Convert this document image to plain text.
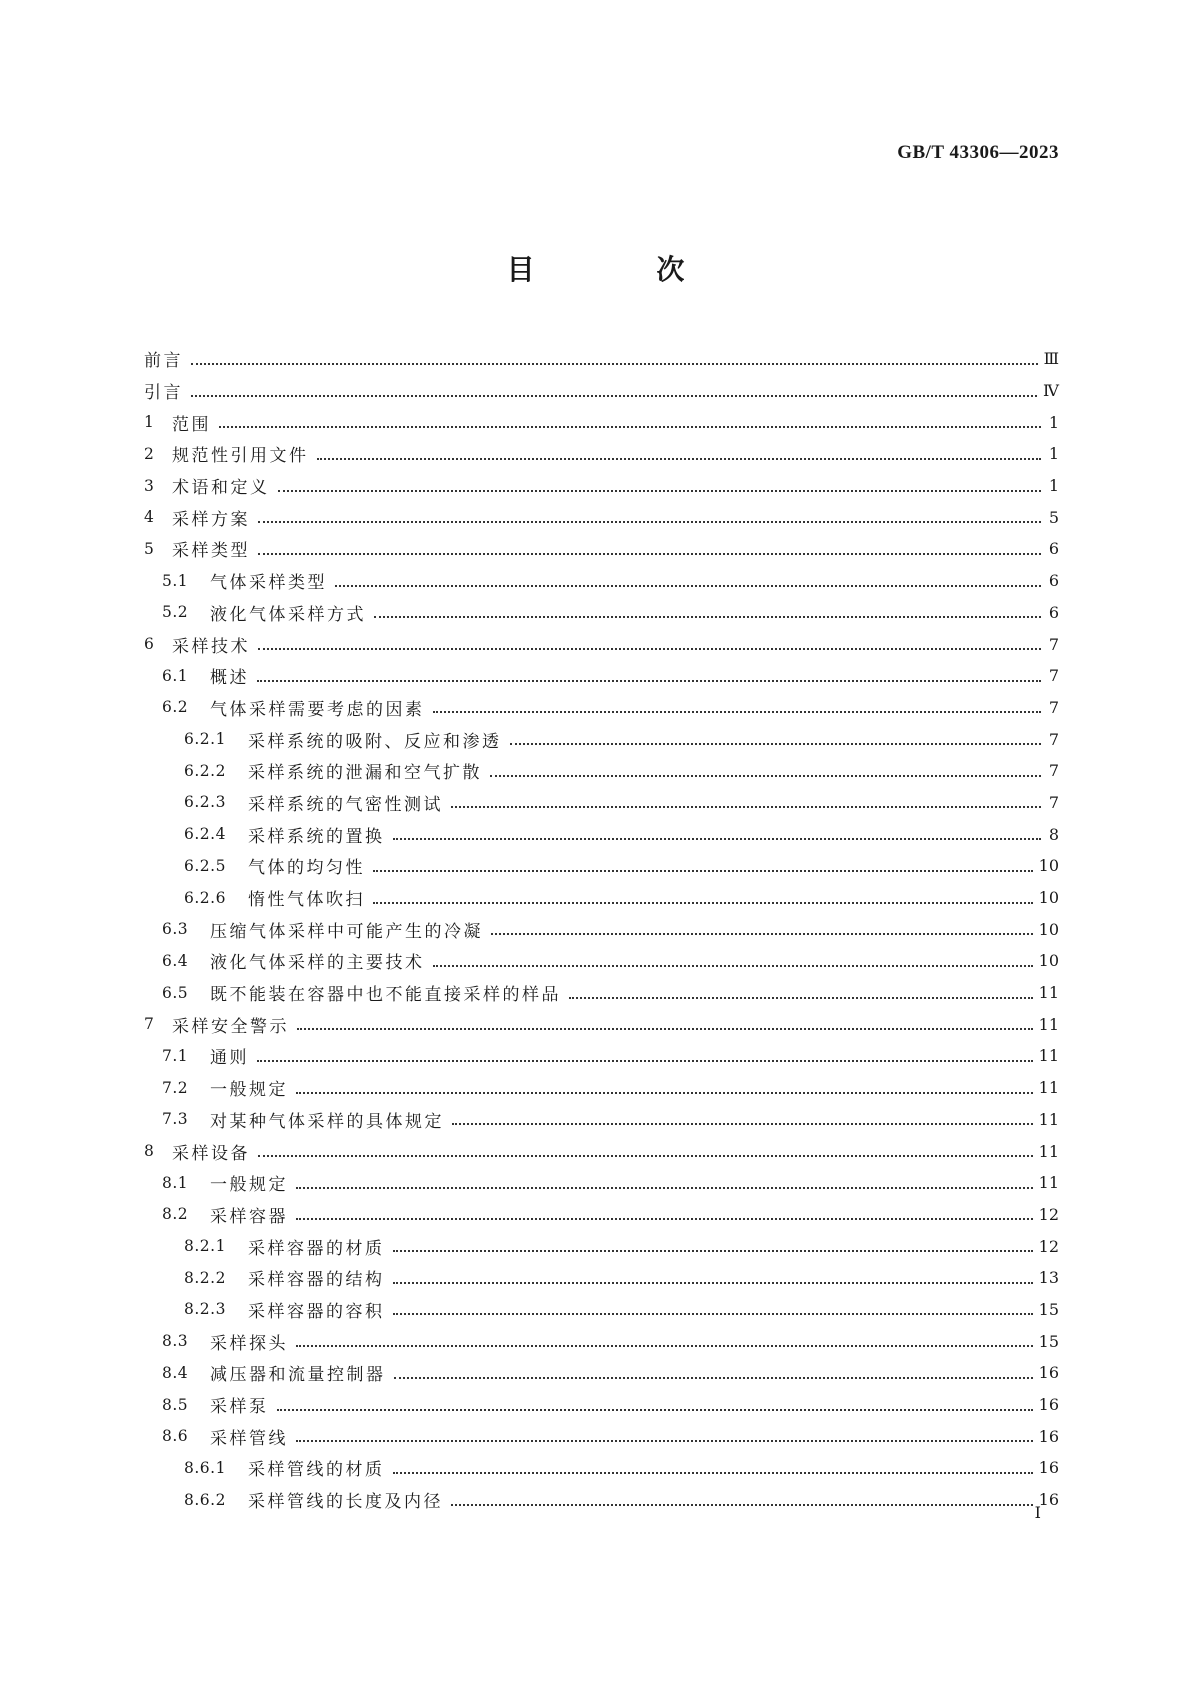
GB/T 43306—2023
目 次
前言	Ⅲ
引言	Ⅳ
1	范围	1
2	规范性引用文件	1
3	术语和定义	1
4	采样方案	5
5	采样类型	6
5.1	气体采样类型	6
5.2	液化气体采样方式	6
6	采样技术	7
6.1	概述	7
6.2	气体采样需要考虑的因素	7
6.2.1	采样系统的吸附、反应和渗透	7
6.2.2	采样系统的泄漏和空气扩散	7
6.2.3	采样系统的气密性测试	7
6.2.4	采样系统的置换	8
6.2.5	气体的均匀性	10
6.2.6	惰性气体吹扫	10
6.3	压缩气体采样中可能产生的冷凝	10
6.4	液化气体采样的主要技术	10
6.5	既不能装在容器中也不能直接采样的样品	11
7	采样安全警示	11
7.1	通则	11
7.2	一般规定	11
7.3	对某种气体采样的具体规定	11
8	采样设备	11
8.1	一般规定	11
8.2	采样容器	12
8.2.1	采样容器的材质	12
8.2.2	采样容器的结构	13
8.2.3	采样容器的容积	15
8.3	采样探头	15
8.4	减压器和流量控制器	16
8.5	采样泵	16
8.6	采样管线	16
8.6.1	采样管线的材质	16
8.6.2	采样管线的长度及内径	16
I
